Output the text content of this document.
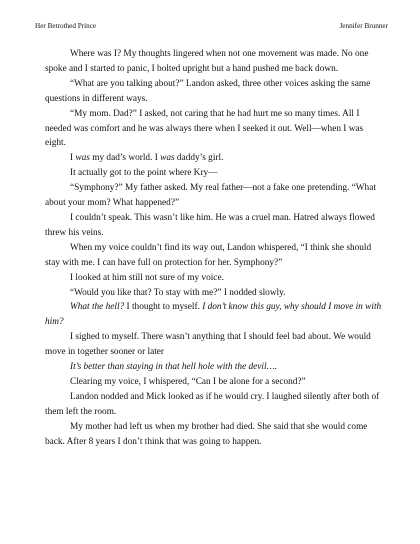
Her Betrothed Prince	Jennifer Brunner

Where was I? My thoughts lingered when not one movement was made. No one spoke and I started to panic, I bolted upright but a hand pushed me back down.

“What are you talking about?” Landon asked, three other voices asking the same questions in different ways.

“My mom. Dad?” I asked, not caring that he had hurt me so many times. All I needed was comfort and he was always there when I seeked it out. Well—when I was eight.

I was my dad’s world. I was daddy’s girl.

It actually got to the point where Kry—

“Symphony?” My father asked. My real father—not a fake one pretending. “What about your mom? What happened?”

I couldn’t speak. This wasn’t like him. He was a cruel man. Hatred always flowed threw his veins.

When my voice couldn’t find its way out, Landon whispered, “I think she should stay with me. I can have full on protection for her. Symphony?”

I looked at him still not sure of my voice.

“Would you like that? To stay with me?” I nodded slowly.

What the hell? I thought to myself. I don’t know this guy, why should I move in with him?

I sighed to myself. There wasn’t anything that I should feel bad about. We would move in together sooner or later

It’s better than staying in that hell hole with the devil….

Clearing my voice, I whispered, “Can I be alone for a second?”

Landon nodded and Mick looked as if he would cry. I laughed silently after both of them left the room.

My mother had left us when my brother had died. She said that she would come back. After 8 years I don’t think that was going to happen.
